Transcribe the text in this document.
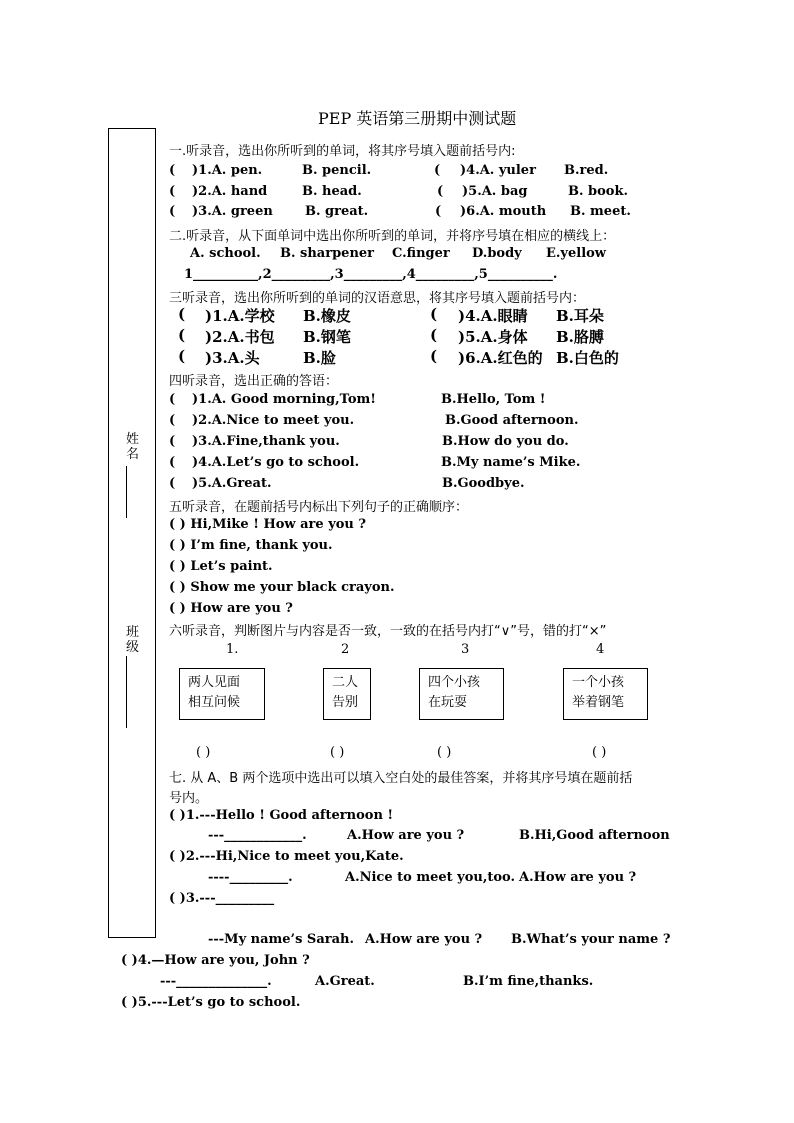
姓名
班级
PEP 英语第三册期中测试题
一.听录音，选出你所听到的单词，将其序号填入题前括号内:
( )1.A. pen.	B. pencil.	( )4.A. yuler B.red.
( )2.A. hand	B. head.	( )5.A. bag	B. book.
( )3.A. green B. great.	( )6.A. mouth B. meet.
二.听录音，从下面单词中选出你所听到的单词，并将序号填在相应的横线上：
A. school. B. sharpener C.finger D.body E.yellow
1__________,2_________,3_________,4_________,5__________.
三听录音，选出你所听到的单词的汉语意思，将其序号填入题前括号内：
( )1.A.学校 B.橡皮	( )4.A.眼睛 B.耳朵
( )2.A.书包 B.钢笔	( )5.A.身体 B.胳膊
( )3.A.头	B.脸	( )6.A.红色的 B.白色的
四听录音，选出正确的答语：
( )1.A. Good morning,Tom!	B.Hello, Tom !
( )2.A.Nice to meet you.	B.Good afternoon.
( )3.A.Fine,thank you.	B.How do you do.
( )4.A.Let’s go to school.	B.My name’s Mike.
( )5.A.Great.	B.Goodbye.
五听录音，在题前括号内标出下列句子的正确顺序：
( ) Hi,Mike ! How are you ?
( ) I’m fine, thank you.
( ) Let’s paint.
( ) Show me your black crayon.
( ) How are you ?
六听录音，判断图片与内容是否一致，一致的在括号内打“∨”号，错的打“×”
1.	2	3	4
两人见面
相互问候
二人
告别
四个小孩
在玩耍
一个小孩
举着钢笔
( )	( )	( )	( )
七. 从 A、B 两个选项中选出可以填入空白处的最佳答案，并将其序号填在题前括
号内。
( )1.---Hello ! Good afternoon !
---____________.	A.How are you ?	B.Hi,Good afternoon
( )2.---Hi,Nice to meet you,Kate.
----_________.	A.Nice to meet you,too. A.How are you ?
( )3.---_________
---My name’s Sarah. A.How are you ? B.What’s your name ?
( )4.—How are you, John ?
---______________.	A.Great.	B.I’m fine,thanks.
( )5.---Let’s go to school.
